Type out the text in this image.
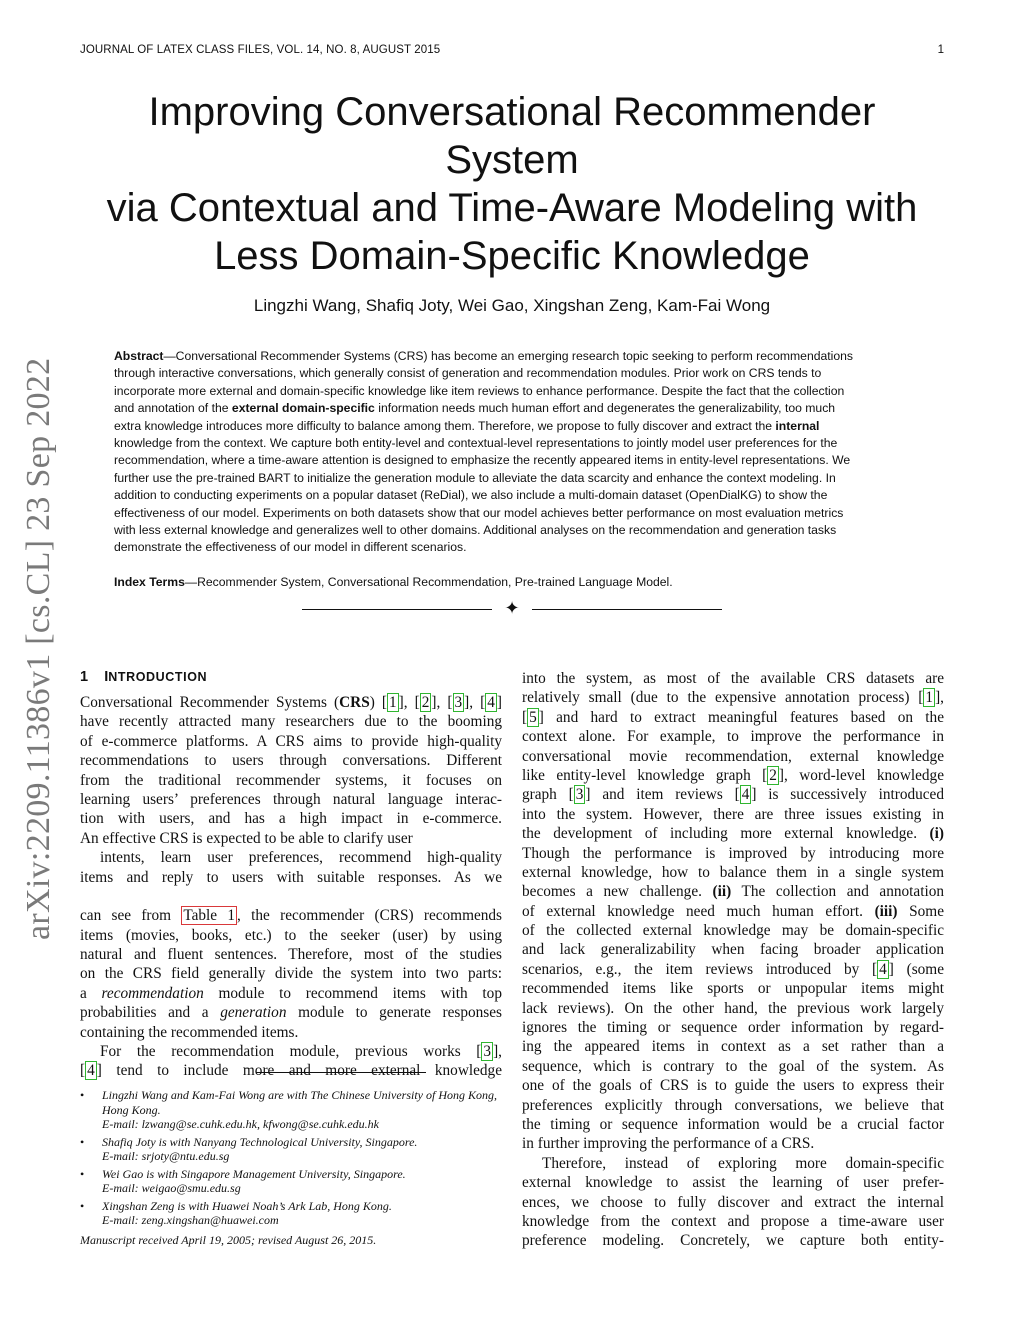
JOURNAL OF LATEX CLASS FILES, VOL. 14, NO. 8, AUGUST 2015	1
arXiv:2209.11386v1 [cs.CL] 23 Sep 2022
Improving Conversational Recommender
System
via Contextual and Time-Aware Modeling with
Less Domain-Specific Knowledge
Lingzhi Wang, Shafiq Joty, Wei Gao, Xingshan Zeng, Kam-Fai Wong
Abstract—Conversational Recommender Systems (CRS) has become an emerging research topic seeking to perform recommendations
through interactive conversations, which generally consist of generation and recommendation modules. Prior work on CRS tends to
incorporate more external and domain-specific knowledge like item reviews to enhance performance. Despite the fact that the collection
and annotation of the external domain-specific information needs much human effort and degenerates the generalizability, too much
extra knowledge introduces more difficulty to balance among them. Therefore, we propose to fully discover and extract the internal
knowledge from the context. We capture both entity-level and contextual-level representations to jointly model user preferences for the
recommendation, where a time-aware attention is designed to emphasize the recently appeared items in entity-level representations. We
further use the pre-trained BART to initialize the generation module to alleviate the data scarcity and enhance the context modeling. In
addition to conducting experiments on a popular dataset (ReDial), we also include a multi-domain dataset (OpenDialKG) to show the
effectiveness of our model. Experiments on both datasets show that our model achieves better performance on most evaluation metrics
with less external knowledge and generalizes well to other domains. Additional analyses on the recommendation and generation tasks
demonstrate the effectiveness of our model in different scenarios.
Index Terms—Recommender System, Conversational Recommendation, Pre-trained Language Model.
✦
1 INTRODUCTION
Conversational Recommender Systems (CRS) [ 1 ], [ 2 ], [ 3 ], [ 4 ]
have recently attracted many researchers due to the booming
of e-commerce platforms. A CRS aims to provide high-quality
recommendations to users through conversations. Different
from the traditional recommender systems, it focuses on
learning users’ preferences through natural language interac-
tion with users, and has a high impact in e-commerce.
An effective CRS is expected to be able to clarify user
intents, learn user preferences, recommend high-quality
items and reply to users with suitable responses. As we
can see from Table 1 , the recommender (CRS) recommends
items (movies, books, etc.) to the seeker (user) by using
natural and fluent sentences. Therefore, most of the studies
on the CRS field generally divide the system into two parts:
a recommendation module to recommend items with top
probabilities and a generation module to generate responses
containing the recommended items.
For the recommendation module, previous works [ 3 ],
[ 4 ] tend to include more and more external knowledge
• Lingzhi Wang and Kam-Fai Wong are with The Chinese University of Hong Kong, Hong Kong.
E-mail: lzwang@se.cuhk.edu.hk, kfwong@se.cuhk.edu.hk
• Shafiq Joty is with Nanyang Technological University, Singapore.
E-mail: srjoty@ntu.edu.sg
• Wei Gao is with Singapore Management University, Singapore.
E-mail: weigao@smu.edu.sg
• Xingshan Zeng is with Huawei Noah’s Ark Lab, Hong Kong.
E-mail: zeng.xingshan@huawei.com
Manuscript received April 19, 2005; revised August 26, 2015.
into the system, as most of the available CRS datasets are
relatively small (due to the expensive annotation process) [ 1 ],
[ 5 ] and hard to extract meaningful features based on the
context alone. For example, to improve the performance in
conversational movie recommendation, external knowledge
like entity-level knowledge graph [ 2 ], word-level knowledge
graph [ 3 ] and item reviews [ 4 ] is successively introduced
into the system. However, there are three issues existing in
the development of including more external knowledge. (i)
Though the performance is improved by introducing more
external knowledge, how to balance them in a single system
becomes a new challenge. (ii) The collection and annotation
of external knowledge need much human effort. (iii) Some
of the collected external knowledge may be domain-specific
and lack generalizability when facing broader application
scenarios, e.g., the item reviews introduced by [ 4 ] (some
recommended items like sports or unpopular items might
lack reviews). On the other hand, the previous work largely
ignores the timing or sequence order information by regard-
ing the appeared items in context as a set rather than a
sequence, which is contrary to the goal of the system. As
one of the goals of CRS is to guide the users to express their
preferences explicitly through conversations, we believe that
the timing or sequence information would be a crucial factor
in further improving the performance of a CRS.
Therefore, instead of exploring more domain-specific
external knowledge to assist the learning of user prefer-
ences, we choose to fully discover and extract the internal
knowledge from the context and propose a time-aware user
preference modeling. Concretely, we capture both entity-
